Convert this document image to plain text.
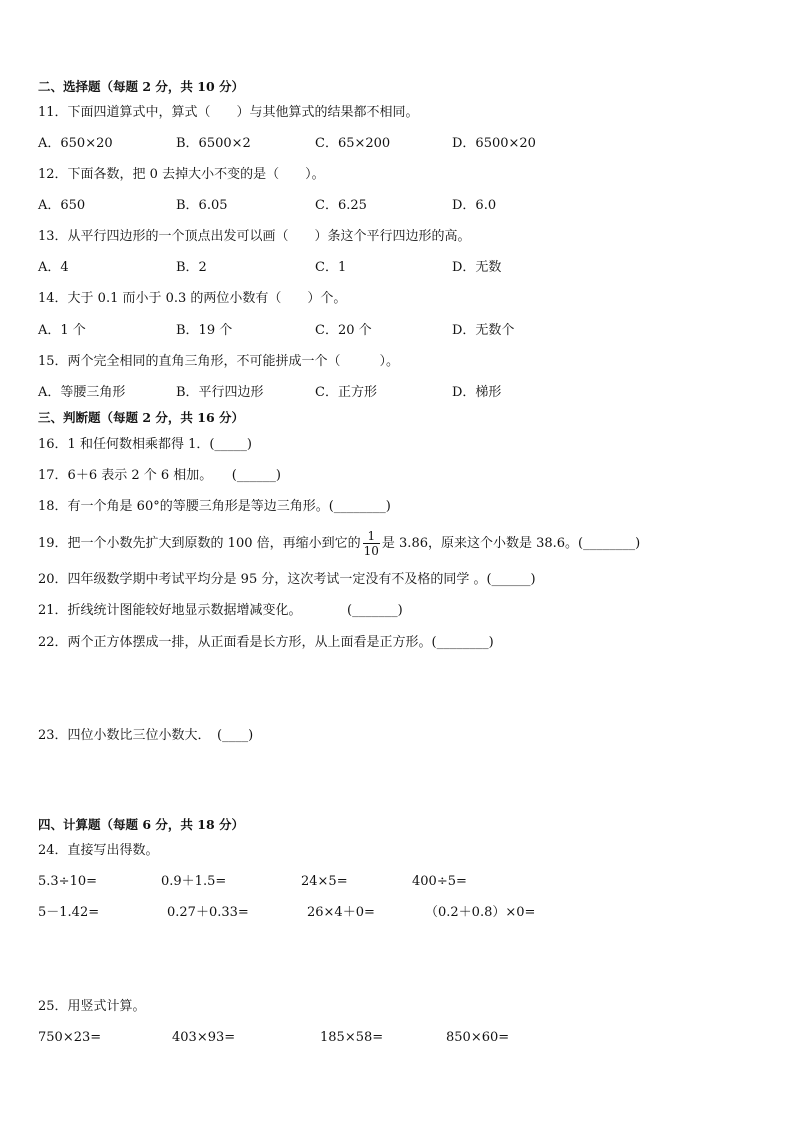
二、选择题（每题 2 分，共 10 分）
11．下面四道算式中，算式（　　）与其他算式的结果都不相同。
A．650×20	B．6500×2	C．65×200	D．6500×20
12．下面各数，把 0 去掉大小不变的是（　　）。
A．650	B．6.05	C．6.25	D．6.0
13．从平行四边形的一个顶点出发可以画（　　）条这个平行四边形的高。
A．4	B．2	C．1	D．无数
14．大于 0.1 而小于 0.3 的两位小数有（　　）个。
A．1 个	B．19 个	C．20 个	D．无数个
15．两个完全相同的直角三角形，不可能拼成一个（　　　）。
A．等腰三角形	B．平行四边形	C．正方形	D．梯形
三、判断题（每题 2 分，共 16 分）
16．1 和任何数相乘都得 1．(_____)
17．6＋6 表示 2 个 6 相加。　　(______)
18．有一个角是 60°的等腰三角形是等边三角形。(________)
19．把一个小数先扩大到原数的 100 倍，再缩小到它的 $\frac{1}{10}$ 是 3.86，原来这个小数是 38.6。(________)
20．四年级数学期中考试平均分是 95 分，这次考试一定没有不及格的同学 。(______)
21．折线统计图能较好地显示数据增减变化。　　　　(_______)
22．两个正方体摆成一排，从正面看是长方形，从上面看是正方形。(________)
23．四位小数比三位小数大．　(____)
四、计算题（每题 6 分，共 18 分）
24．直接写出得数。
5.3÷10=	0.9＋1.5=	24×5=	400÷5=
5－1.42=	0.27＋0.33=	26×4＋0=	（0.2＋0.8）×0=
25．用竖式计算。
750×23=	403×93=	185×58=	850×60=
